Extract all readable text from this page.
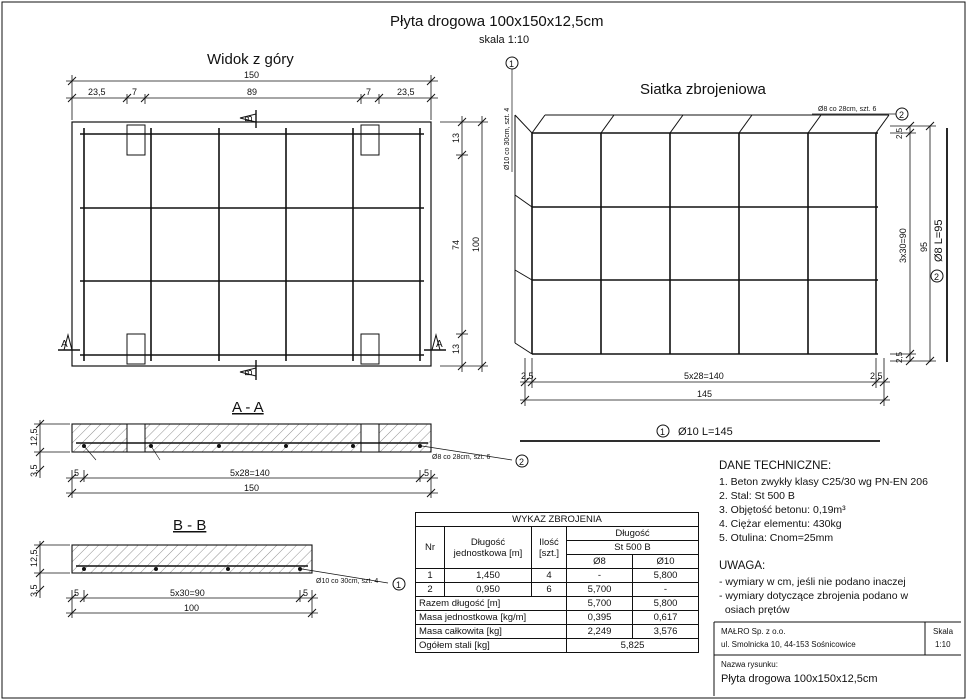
Płyta drogowa 100x150x12,5cm
skala 1:10
Widok z góry
Siatka zbrojeniowa
A - A
B - B
A	A
B
B
150
23,5	7	89	7	23,5
13
74
13
100
Ø10 co 30cm, szt. 4
1
Ø8 co 28cm, szt. 6
2
2,5	5x28=140	2,5
145
2,5
3x30=90
2,5
95
2
Ø8 L=95
1 Ø10 L=145
12,5
3,5	5	5x28=140	5
150
Ø8 co 28cm, szt. 6	2
12,5
3,5	5	5x30=90	5
100
Ø10 co 30cm, szt. 4 1
WYKAZ ZBROJENIA				
Nr	Długość jednostkowa [m]	Ilość [szt.]	Długość	
			St 500 B	
			Ø8	Ø10
1	1,450	4	-	5,800
2	0,950	6	5,700	-
Razem długość [m]			5,700	5,800
Masa jednostkowa [kg/m]			0,395	0,617
Masa całkowita [kg]			2,249	3,576
Ogółem stali [kg]			5,825	
DANE TECHNICZNE:
1. Beton zwykły klasy C25/30 wg PN-EN 206
2. Stal: St 500 B
3. Objętość betonu: 0,19m³
4. Ciężar elementu: 430kg
5. Otulina: Cnom=25mm
UWAGA:
- wymiary w cm, jeśli nie podano inaczej
- wymiary dotyczące zbrojenia podano w
osiach prętów
MAŁRO Sp. z o.o.
ul. Smolnicka 10, 44-153 Sośnicowice
Skala
1:10
Nazwa rysunku:
Płyta drogowa 100x150x12,5cm
